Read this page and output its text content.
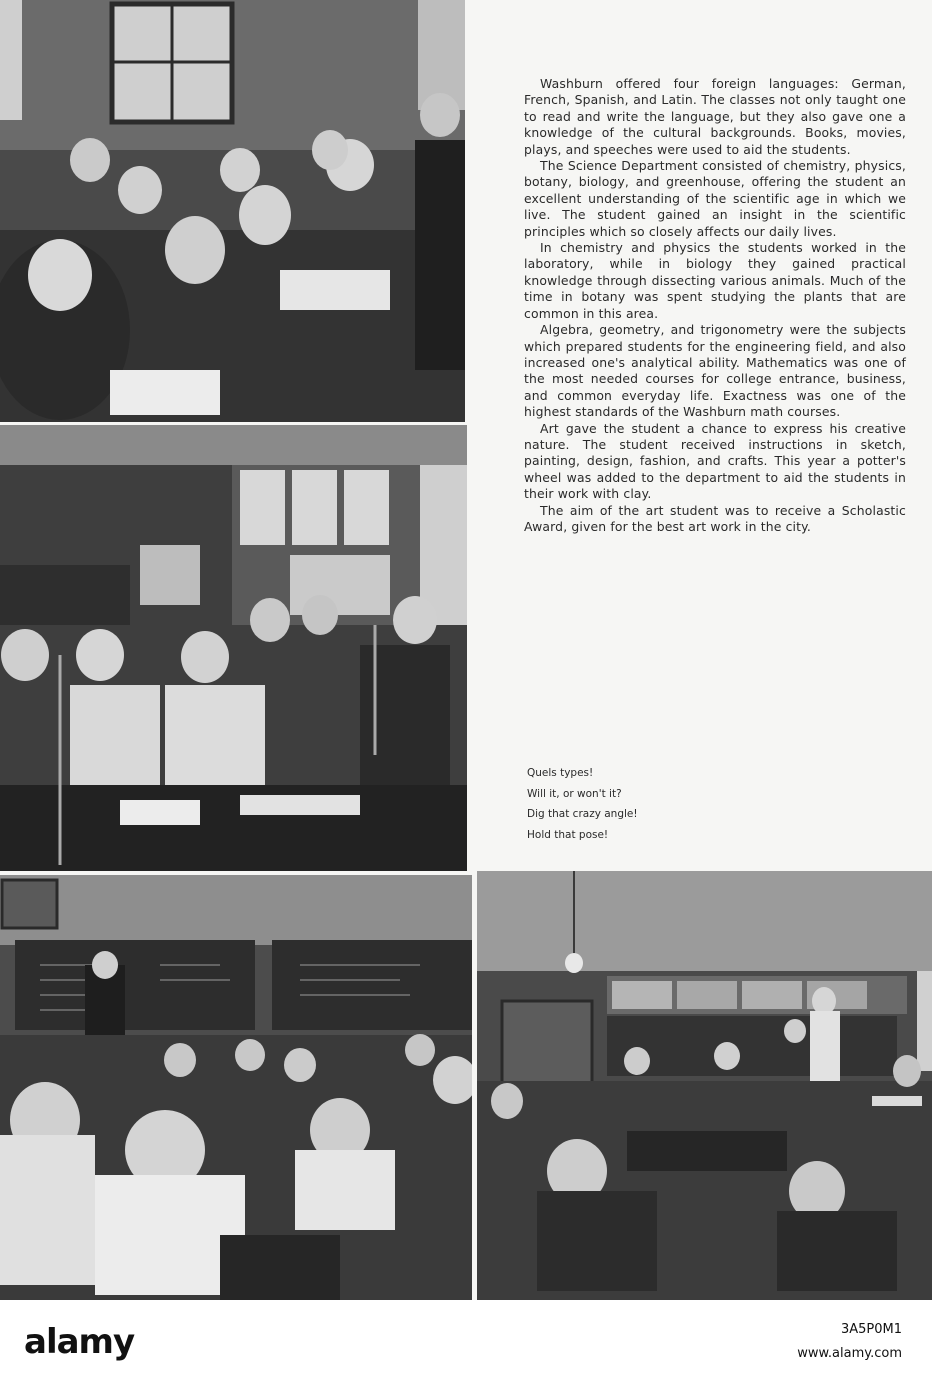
Washburn offered four foreign languages: German, French, Spanish, and Latin. The classes not only taught one to read and write the language, but they also gave one a knowledge of the cultural backgrounds. Books, movies, plays, and speeches were used to aid the students.

The Science Department consisted of chemistry, physics, botany, biology, and greenhouse, offering the student an excellent understanding of the scientific age in which we live. The student gained an insight in the scientific principles which so closely affects our daily lives.

In chemistry and physics the students worked in the laboratory, while in biology they gained practical knowledge through dissecting various animals. Much of the time in botany was spent studying the plants that are common in this area.

Algebra, geometry, and trigonometry were the subjects which prepared students for the engineering field, and also increased one's analytical ability. Mathematics was one of the most needed courses for college entrance, business, and common everyday life. Exactness was one of the highest standards of the Washburn math courses.

Art gave the student a chance to express his creative nature. The student received instructions in sketch, painting, design, fashion, and crafts. This year a potter's wheel was added to the department to aid the students in their work with clay.

The aim of the art student was to receive a Scholastic Award, given for the best art work in the city.

Quels types!
Will it, or won't it?
Dig that crazy angle!
Hold that pose!
alamy	3A5P0M1
www.alamy.com
